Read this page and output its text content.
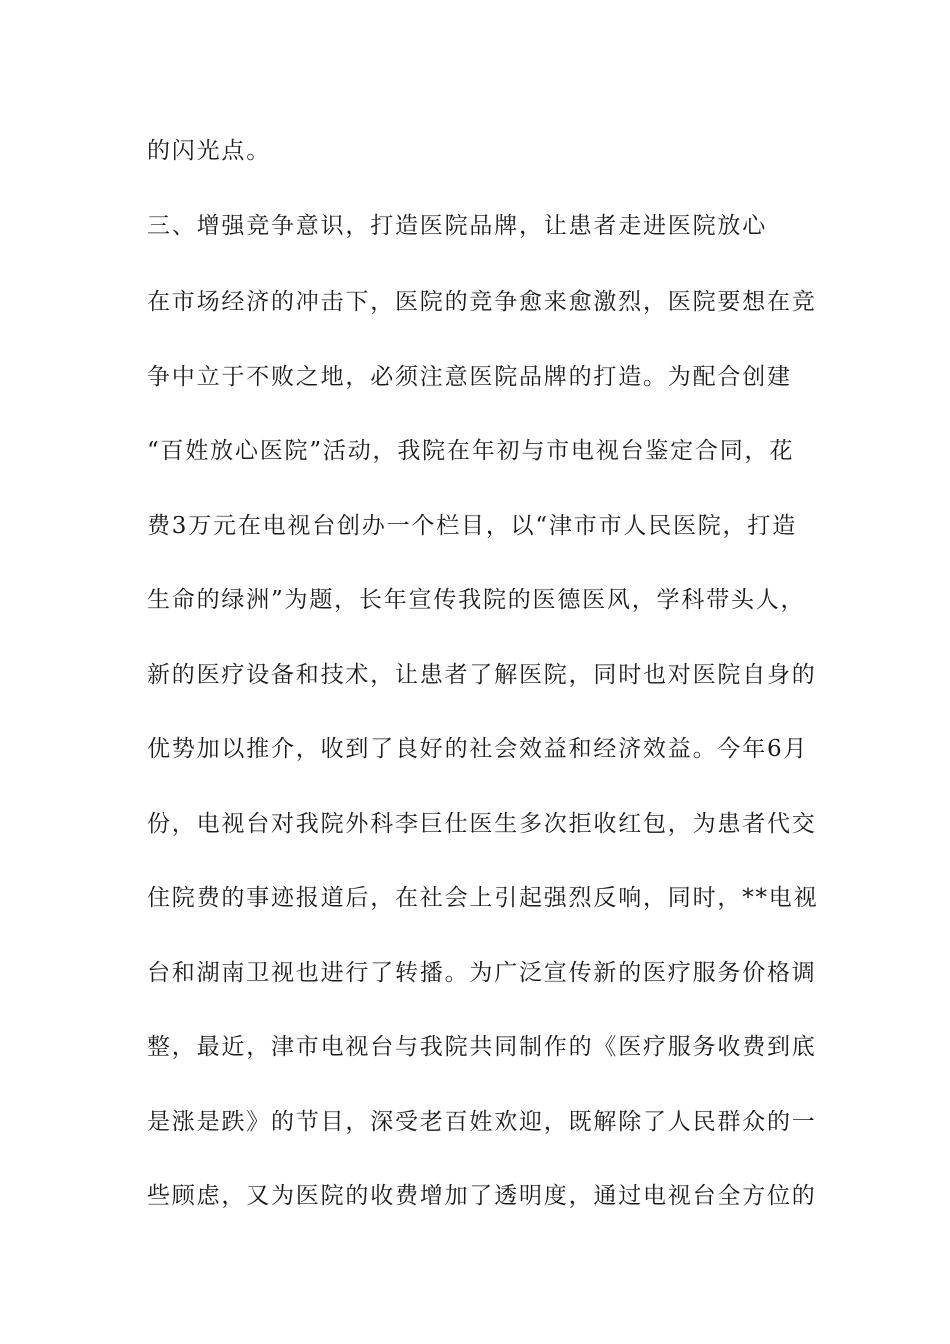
的闪光点。
三、增强竞争意识，打造医院品牌，让患者走进医院放心
在市场经济的冲击下，医院的竞争愈来愈激烈，医院要想在竞
争中立于不败之地，必须注意医院品牌的打造。为配合创建
“百姓放心医院”活动，我院在年初与市电视台鉴定合同，花
费3万元在电视台创办一个栏目，以“津市市人民医院，打造
生命的绿洲”为题，长年宣传我院的医德医风，学科带头人，
新的医疗设备和技术，让患者了解医院，同时也对医院自身的
优势加以推介，收到了良好的社会效益和经济效益。今年6月
份，电视台对我院外科李巨仕医生多次拒收红包，为患者代交
住院费的事迹报道后，在社会上引起强烈反响，同时，**电视
台和湖南卫视也进行了转播。为广泛宣传新的医疗服务价格调
整，最近，津市电视台与我院共同制作的《医疗服务收费到底
是涨是跌》的节目，深受老百姓欢迎，既解除了人民群众的一
些顾虑，又为医院的收费增加了透明度，通过电视台全方位的
